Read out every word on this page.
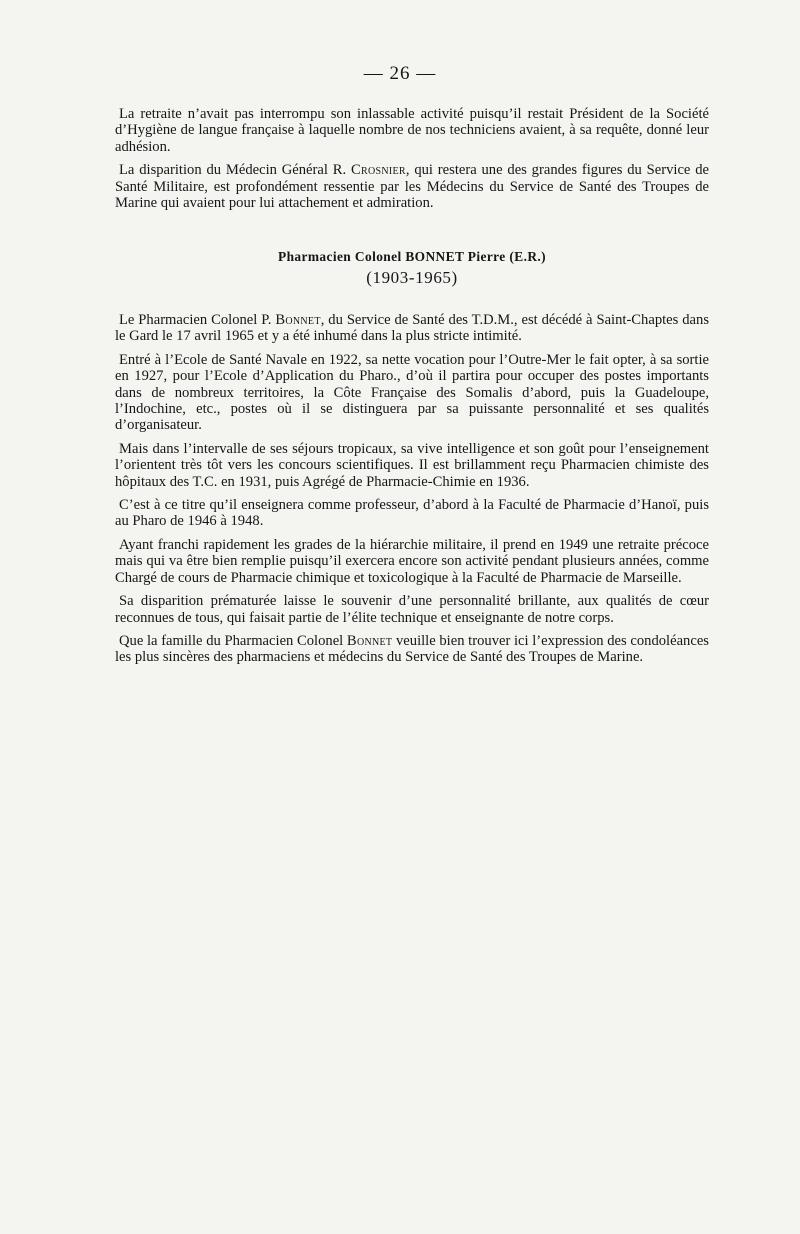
— 26 —

La retraite n’avait pas interrompu son inlassable activité puisqu’il restait Président de la Société d’Hygiène de langue française à laquelle nombre de nos techniciens avaient, à sa requête, donné leur adhésion.

La disparition du Médecin Général R. Crosnier, qui restera une des grandes figures du Service de Santé Militaire, est profondément ressentie par les Médecins du Service de Santé des Troupes de Marine qui avaient pour lui attachement et admiration.

Pharmacien Colonel BONNET Pierre (E.R.)
(1903-1965)

Le Pharmacien Colonel P. Bonnet, du Service de Santé des T.D.M., est décédé à Saint-Chaptes dans le Gard le 17 avril 1965 et y a été inhumé dans la plus stricte intimité.

Entré à l’Ecole de Santé Navale en 1922, sa nette vocation pour l’Outre-Mer le fait opter, à sa sortie en 1927, pour l’Ecole d’Application du Pharo., d’où il partira pour occuper des postes importants dans de nombreux territoires, la Côte Française des Somalis d’abord, puis la Guadeloupe, l’Indochine, etc., postes où il se distinguera par sa puissante personnalité et ses qualités d’organisateur.

Mais dans l’intervalle de ses séjours tropicaux, sa vive intelligence et son goût pour l’enseignement l’orientent très tôt vers les concours scientifiques. Il est brillamment reçu Pharmacien chimiste des hôpitaux des T.C. en 1931, puis Agrégé de Pharmacie-Chimie en 1936.

C’est à ce titre qu’il enseignera comme professeur, d’abord à la Faculté de Pharmacie d’Hanoï, puis au Pharo de 1946 à 1948.

Ayant franchi rapidement les grades de la hiérarchie militaire, il prend en 1949 une retraite précoce mais qui va être bien remplie puisqu’il exercera encore son activité pendant plusieurs années, comme Chargé de cours de Pharmacie chimique et toxicologique à la Faculté de Pharmacie de Marseille.

Sa disparition prématurée laisse le souvenir d’une personnalité brillante, aux qualités de cœur reconnues de tous, qui faisait partie de l’élite technique et enseignante de notre corps.

Que la famille du Pharmacien Colonel Bonnet veuille bien trouver ici l’expression des condoléances les plus sincères des pharmaciens et médecins du Service de Santé des Troupes de Marine.
